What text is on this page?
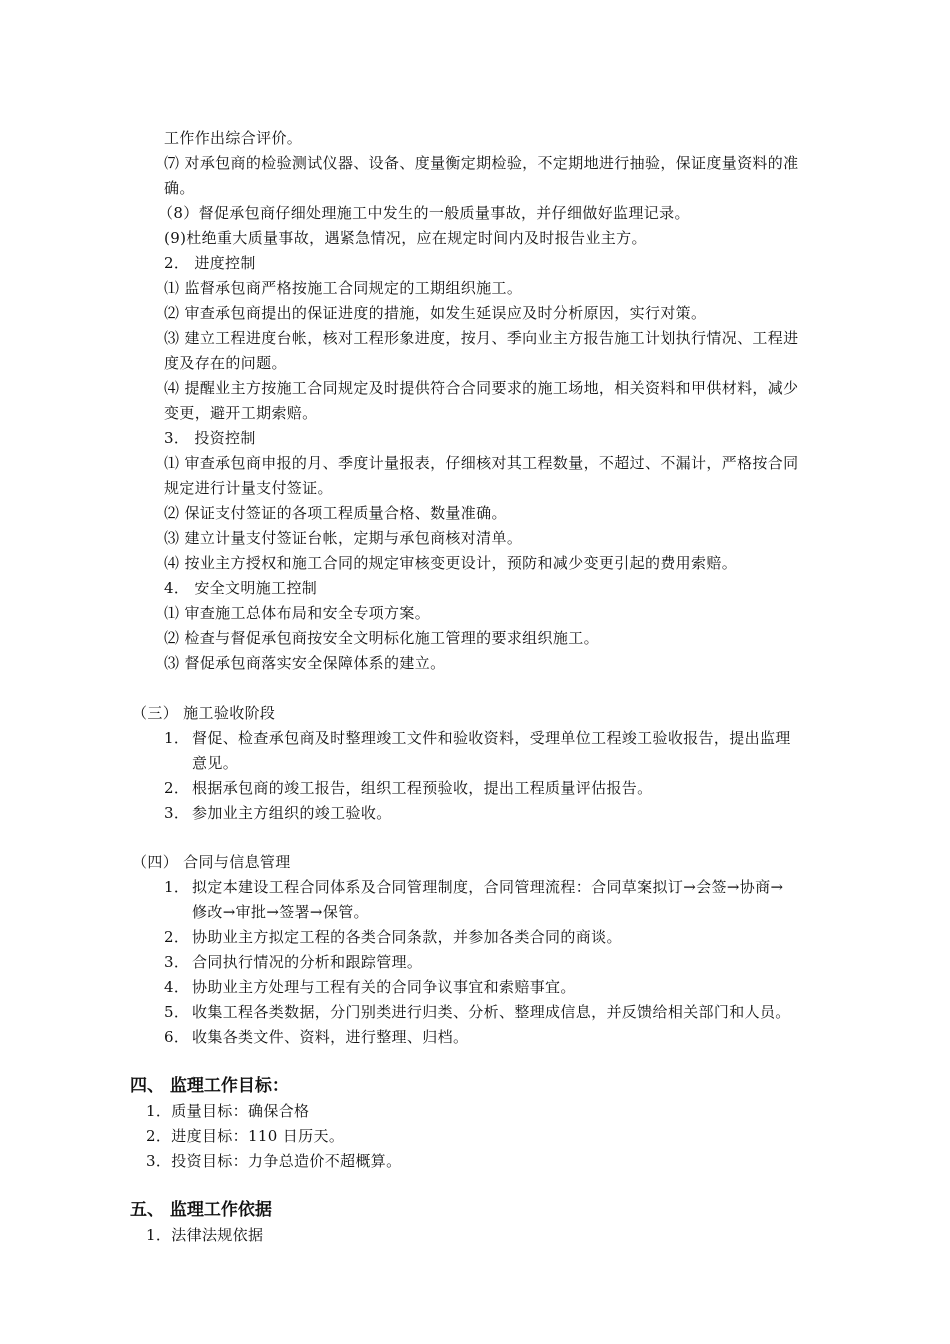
工作作出综合评价。
⑺ 对承包商的检验测试仪器、设备、度量衡定期检验，不定期地进行抽验，保证度量资料的准
确。
（8）督促承包商仔细处理施工中发生的一般质量事故，并仔细做好监理记录。
(9)杜绝重大质量事故，遇紧急情况，应在规定时间内及时报告业主方。
2． 进度控制
⑴ 监督承包商严格按施工合同规定的工期组织施工。
⑵ 审查承包商提出的保证进度的措施，如发生延误应及时分析原因，实行对策。
⑶ 建立工程进度台帐，核对工程形象进度，按月、季向业主方报告施工计划执行情况、工程进
度及存在的问题。
⑷ 提醒业主方按施工合同规定及时提供符合合同要求的施工场地，相关资料和甲供材料，减少
变更，避开工期索赔。
3． 投资控制
⑴ 审查承包商申报的月、季度计量报表，仔细核对其工程数量，不超过、不漏计，严格按合同
规定进行计量支付签证。
⑵ 保证支付签证的各项工程质量合格、数量准确。
⑶ 建立计量支付签证台帐，定期与承包商核对清单。
⑷ 按业主方授权和施工合同的规定审核变更设计，预防和减少变更引起的费用索赔。
4． 安全文明施工控制
⑴ 审查施工总体布局和安全专项方案。
⑵ 检查与督促承包商按安全文明标化施工管理的要求组织施工。
⑶ 督促承包商落实安全保障体系的建立。
（三） 施工验收阶段
1． 督促、检查承包商及时整理竣工文件和验收资料，受理单位工程竣工验收报告，提出监理
意见。
2． 根据承包商的竣工报告，组织工程预验收，提出工程质量评估报告。
3． 参加业主方组织的竣工验收。
（四） 合同与信息管理
1． 拟定本建设工程合同体系及合同管理制度，合同管理流程：合同草案拟订→会签→协商→
修改→审批→签署→保管。
2． 协助业主方拟定工程的各类合同条款，并参加各类合同的商谈。
3． 合同执行情况的分析和跟踪管理。
4． 协助业主方处理与工程有关的合同争议事宜和索赔事宜。
5． 收集工程各类数据，分门别类进行归类、分析、整理成信息，并反馈给相关部门和人员。
6． 收集各类文件、资料，进行整理、归档。
四、 监理工作目标：
1．质量目标：确保合格
2．进度目标：110 日历天。
3．投资目标：力争总造价不超概算。
五、 监理工作依据
1．法律法规依据
